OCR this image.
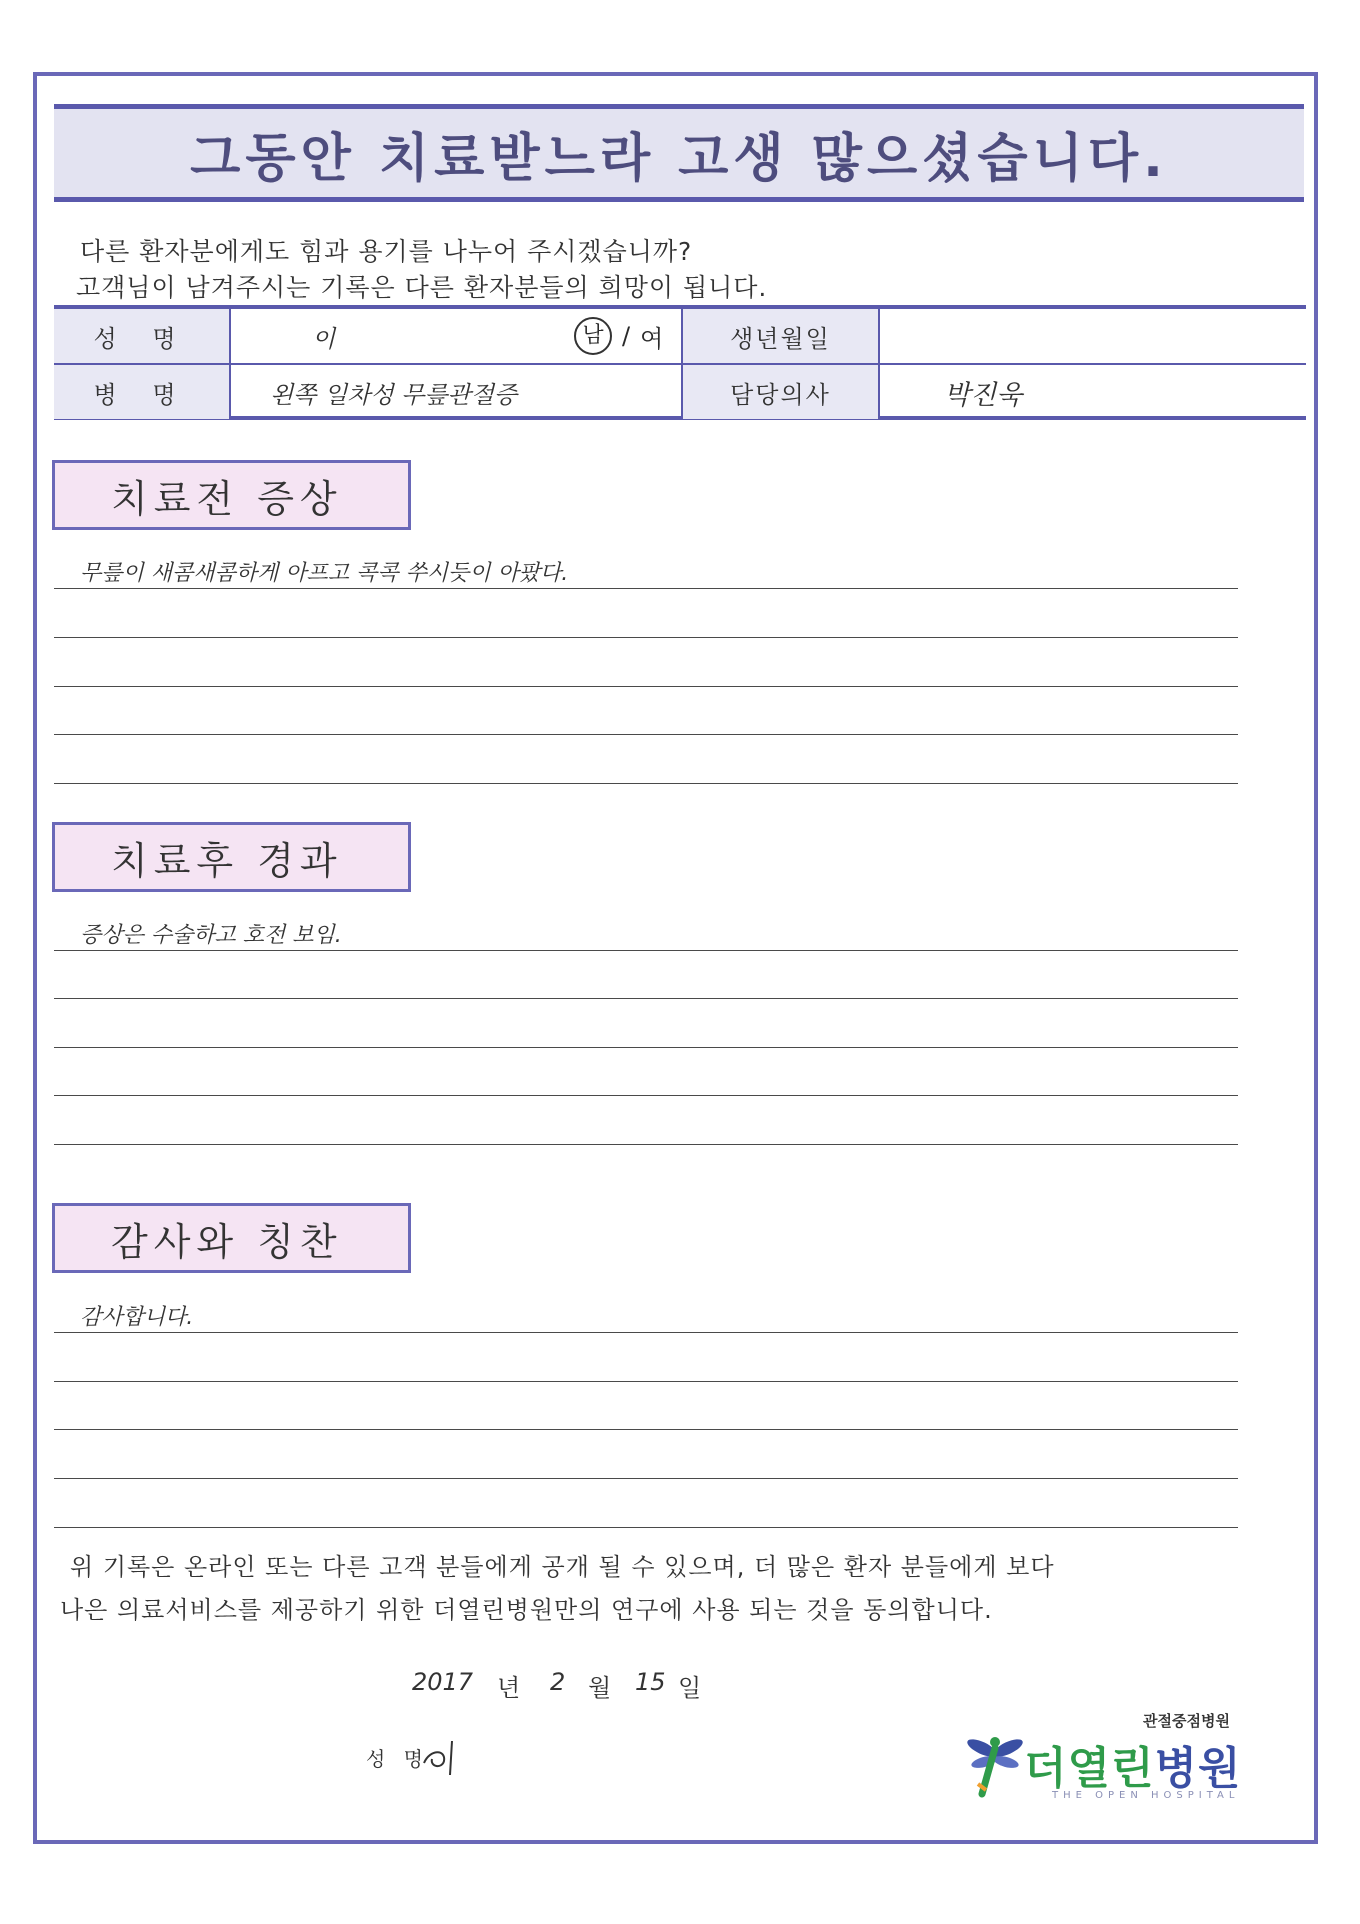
그동안 치료받느라 고생 많으셨습니다.
다른 환자분에게도 힘과 용기를 나누어 주시겠습니까?
고객님이 남겨주시는 기록은 다른 환자분들의 희망이 됩니다.
성 명	이	남 / 여	생년월일
병 명	왼쪽 일차성 무릎관절증	담당의사	박진욱
치료전 증상
무릎이 새콤새콤하게 아프고 콕콕 쑤시듯이 아팠다.
치료후 경과
증상은 수술하고 호전 보임.
감사와 칭찬
감사합니다.
위 기록은 온라인 또는 다른 고객 분들에게 공개 될 수 있으며, 더 많은 환자 분들에게 보다
나은 의료서비스를 제공하기 위한 더열린병원만의 연구에 사용 되는 것을 동의합니다.
2017 년 2 월 15 일
성 명
관절중점병원
더열린병원
THE OPEN HOSPITAL
